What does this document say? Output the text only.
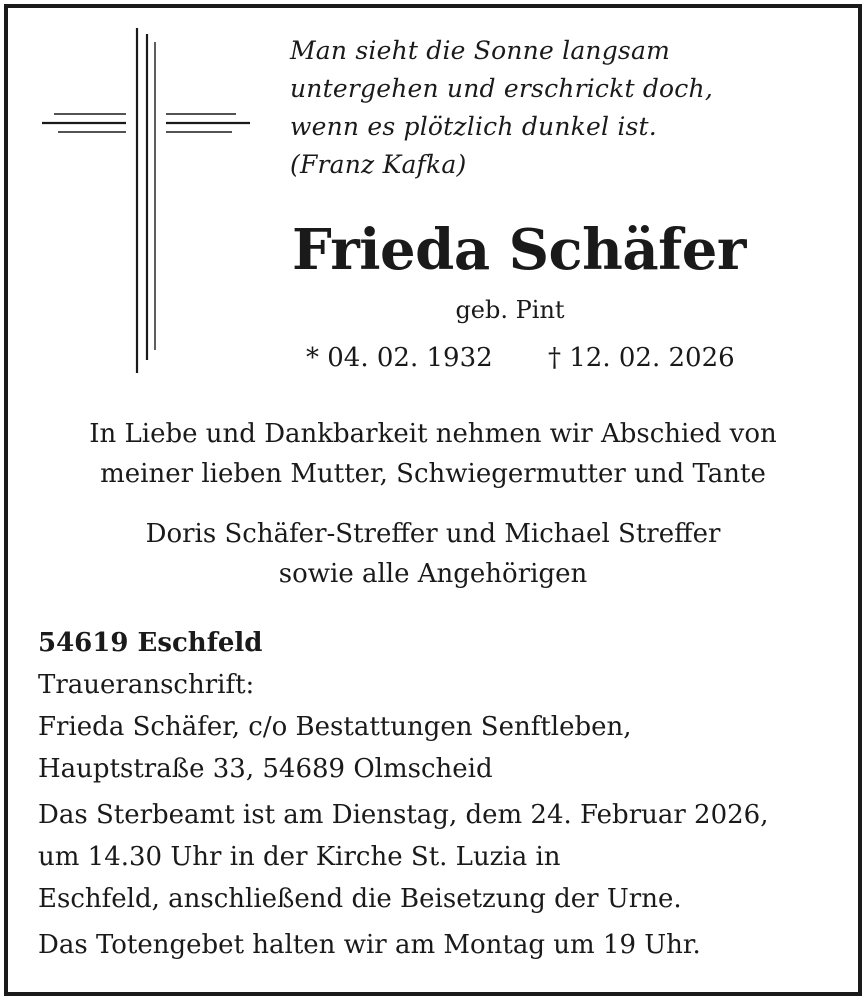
Man sieht die Sonne langsam
untergehen und erschrickt doch,
wenn es plötzlich dunkel ist.
(Franz Kafka)
Frieda Schäfer
geb. Pint
* 04. 02. 1932 † 12. 02. 2026
In Liebe und Dankbarkeit nehmen wir Abschied von
meiner lieben Mutter, Schwiegermutter und Tante
Doris Schäfer-Streffer und Michael Streffer
sowie alle Angehörigen
54619 Eschfeld
Traueranschrift:
Frieda Schäfer, c/o Bestattungen Senftleben,
Hauptstraße 33, 54689 Olmscheid
Das Sterbeamt ist am Dienstag, dem 24. Februar 2026,
um 14.30 Uhr in der Kirche St. Luzia in
Eschfeld, anschließend die Beisetzung der Urne.
Das Totengebet halten wir am Montag um 19 Uhr.
